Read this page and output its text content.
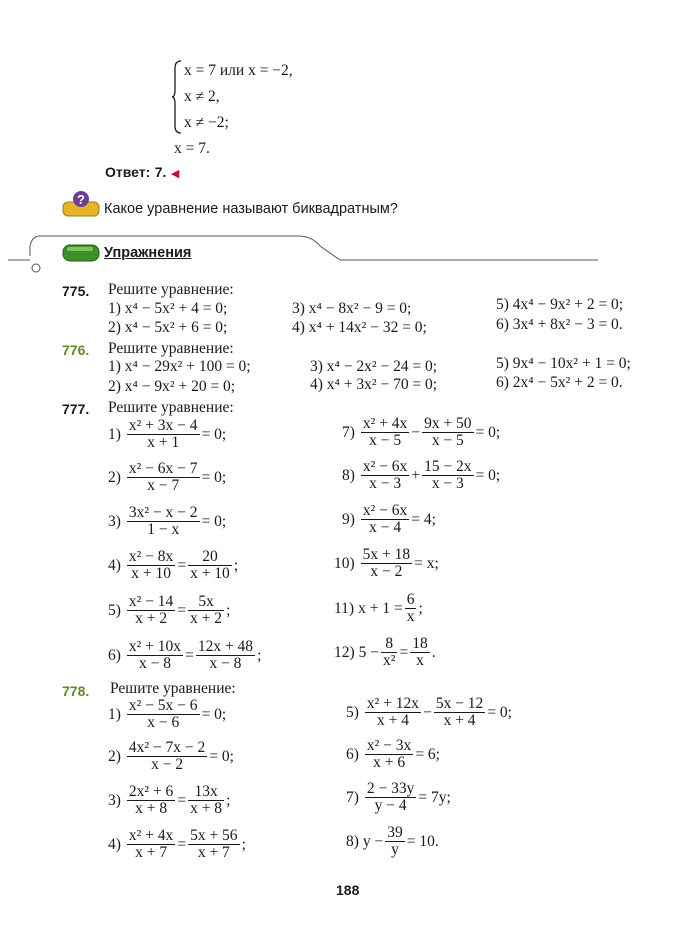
x = 7 или x = −2,
x ≠ 2,
x ≠ −2;
x = 7.
Ответ: 7. ◀
?
Какое уравнение называют биквадратным?
Упражнения
775. Решите уравнение:
1) x⁴ − 5x² + 4 = 0;	3) x⁴ − 8x² − 9 = 0;	5) 4x⁴ − 9x² + 2 = 0;
2) x⁴ − 5x² + 6 = 0;	4) x⁴ + 14x² − 32 = 0;	6) 3x⁴ + 8x² − 3 = 0.
776. Решите уравнение:
1) x⁴ − 29x² + 100 = 0;	3) x⁴ − 2x² − 24 = 0;	5) 9x⁴ − 10x² + 1 = 0;
2) x⁴ − 9x² + 20 = 0;	4) x⁴ + 3x² − 70 = 0;	6) 2x⁴ − 5x² + 2 = 0.
777. Решите уравнение:
$1) \frac{\text{x² + 3x − 4}}{x + 1} = 0$;
$2) \frac{\text{x² − 6x − 7}}{x - 7} = 0$;
$3) \frac{\text{3x² − x − 2}}{1 - x} = 0$;
$4) \frac{\text{x² − 8x}}{x + 10} = \frac{20}{x + 10}$ ;
$5) \frac{\text{x² − 14}}{x + 2} = \frac{5x}{x + 2}$ ;
$6) \frac{\text{x² + 10x}}{x - 8} = \frac{12x + 48}{x - 8}$ ;
$7) \frac{\text{x² + 4x}}{x - 5} - \frac{9x + 50}{x - 5} = 0$;
$8) \frac{\text{x² − 6x}}{x - 3} + \frac{15 - 2x}{x - 3} = 0$;
$9) \frac{\text{x² − 6x}}{x - 4} = 4$;
$10) \frac{5x + 18}{x - 2} = x$;
11) $x + 1 = \frac{6}{x}$ ;
12) $5 - \frac{8}{\text{x²}} = \frac{18}{x}$ .
778. Решите уравнение:
$1) \frac{\text{x² − 5x − 6}}{x - 6} = 0$;
$2) \frac{\text{4x² − 7x − 2}}{x - 2} = 0$;
$3) \frac{\text{2x² + 6}}{x + 8} = \frac{13x}{x + 8}$ ;
$4) \frac{\text{x² + 4x}}{x + 7} = \frac{5x + 56}{x + 7}$ ;
$5) \frac{\text{x² + 12x}}{x + 4} - \frac{5x - 12}{x + 4} = 0$;
$6) \frac{\text{x² − 3x}}{x + 6} = 6$;
$7) \frac{2 - 33y}{y - 4} = 7y$;
8) $y - \frac{39}{y} = 10$.
188
